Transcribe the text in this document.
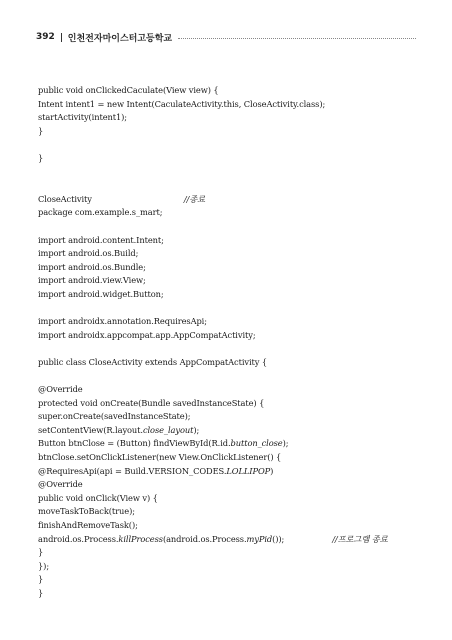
392 인천전자마이스터고등학교
public void onClickedCaculate(View view) {
Intent intent1 = new Intent(CaculateActivity.this, CloseActivity.class);
startActivity(intent1);
}
}
CloseActivity	//종료
package com.example.s_mart;
import android.content.Intent;
import android.os.Build;
import android.os.Bundle;
import android.view.View;
import android.widget.Button;
import androidx.annotation.RequiresApi;
import androidx.appcompat.app.AppCompatActivity;
public class CloseActivity extends AppCompatActivity {
@Override
protected void onCreate(Bundle savedInstanceState) {
super.onCreate(savedInstanceState);
setContentView(R.layout.close_layout);
Button btnClose = (Button) findViewById(R.id.button_close);
btnClose.setOnClickListener(new View.OnClickListener() {
@RequiresApi(api = Build.VERSION_CODES.LOLLIPOP)
@Override
public void onClick(View v) {
moveTaskToBack(true);
finishAndRemoveTask();
android.os.Process.killProcess(android.os.Process.myPid());	//프로그램 종료
}
});
}
}
